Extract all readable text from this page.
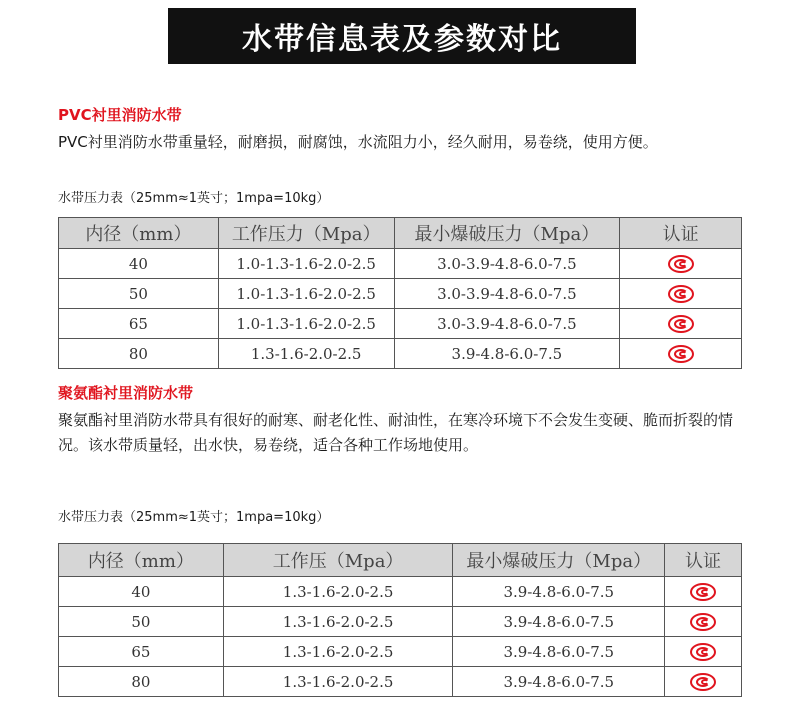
水带信息表及参数对比
PVC衬里消防水带
PVC衬里消防水带重量轻，耐磨损，耐腐蚀，水流阻力小，经久耐用，易卷绕，使用方便。
水带压力表（25mm≈1英寸；1mpa=10kg）
内径（mm）	工作压力（Mpa）	最小爆破压力（Mpa）	认证
40	1.0-1.3-1.6-2.0-2.5	3.0-3.9-4.8-6.0-7.5	
50	1.0-1.3-1.6-2.0-2.5	3.0-3.9-4.8-6.0-7.5	
65	1.0-1.3-1.6-2.0-2.5	3.0-3.9-4.8-6.0-7.5	
80	1.3-1.6-2.0-2.5	3.9-4.8-6.0-7.5	
聚氨酯衬里消防水带
聚氨酯衬里消防水带具有很好的耐寒、耐老化性、耐油性，在寒冷环境下不会发生变硬、脆而折裂的情况。该水带质量轻，出水快，易卷绕，适合各种工作场地使用。
水带压力表（25mm≈1英寸；1mpa=10kg）
内径（mm）	工作压（Mpa）	最小爆破压力（Mpa）	认证
40	1.3-1.6-2.0-2.5	3.9-4.8-6.0-7.5	
50	1.3-1.6-2.0-2.5	3.9-4.8-6.0-7.5	
65	1.3-1.6-2.0-2.5	3.9-4.8-6.0-7.5	
80	1.3-1.6-2.0-2.5	3.9-4.8-6.0-7.5	
